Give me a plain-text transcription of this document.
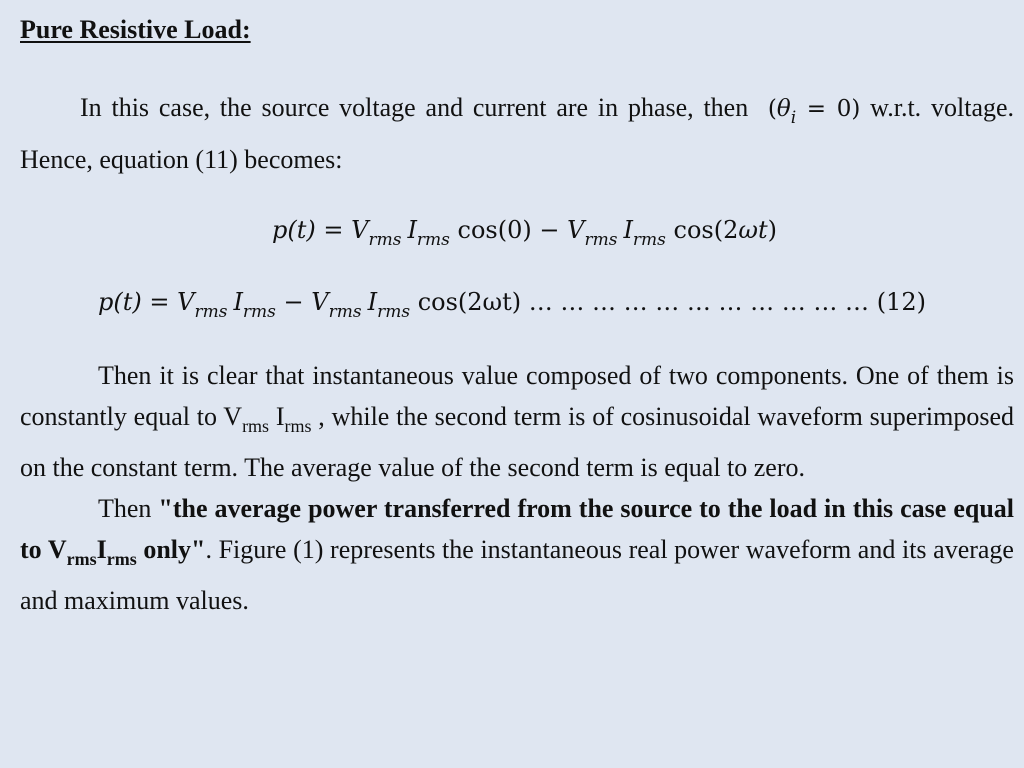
Pure Resistive Load:
In this case, the source voltage and current are in phase, then $(\theta_i = 0)$ w.r.t. voltage. Hence, equation (11) becomes:
$p(t) = V_{rms}$ $I_{rms}$ $\cos(0) - V_{rms}$ $I_{rms}$ cos(2ωt)
$p(t) = V_{rms}$ $I_{rms} - V_{rms}$ $I_{rms}$ cos(2ωt) … … … … … … … … … … … (12)
Then it is clear that instantaneous value composed of two components. One of them is constantly equal to $V_{rms}$ $I_{rms}$ , while the second term is of cosinusoidal waveform superimposed on the constant term. The average value of the second term is equal to zero.
Then "the average power transferred from the source to the load in this case equal to $V_{rms}I_{rms}$ only". Figure (1) represents the instantaneous real power waveform and its average and maximum values.
